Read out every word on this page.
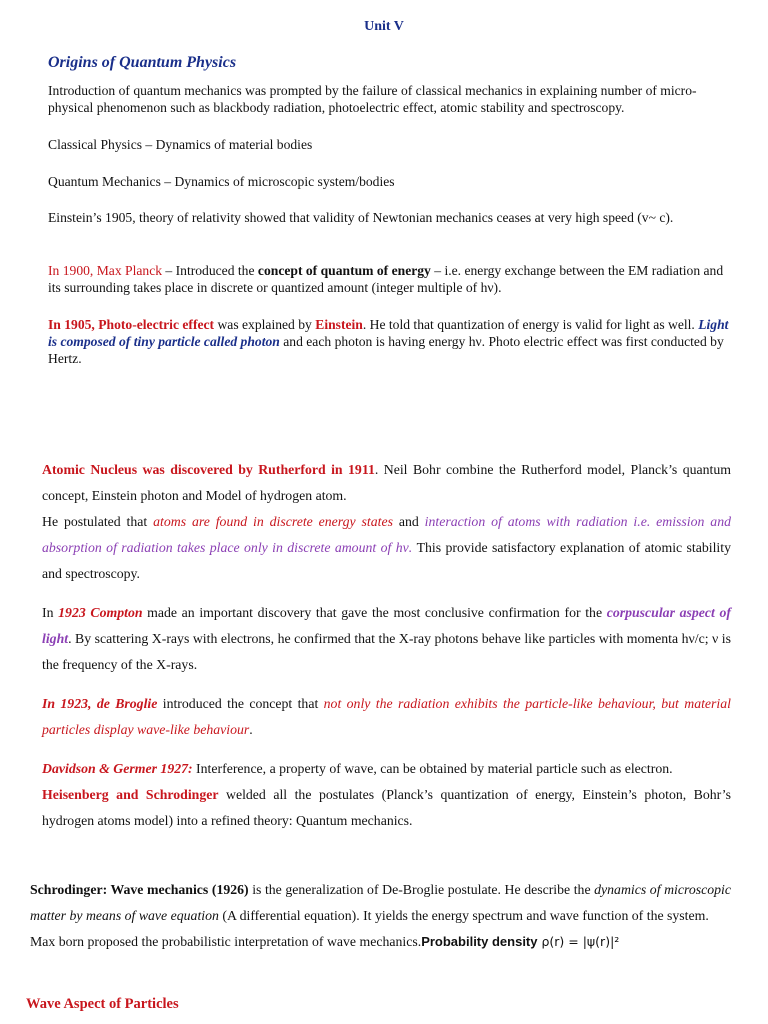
Unit V
Origins of Quantum Physics

Introduction of quantum mechanics was prompted by the failure of classical mechanics in explaining number of micro-physical phenomenon such as blackbody radiation, photoelectric effect, atomic stability and spectroscopy.

Classical Physics – Dynamics of material bodies

Quantum Mechanics – Dynamics of microscopic system/bodies

Einstein’s 1905, theory of relativity showed that validity of Newtonian mechanics ceases at very high speed (v~ c).

In 1900, Max Planck – Introduced the concept of quantum of energy – i.e. energy exchange between the EM radiation and its surrounding takes place in discrete or quantized amount (integer multiple of hν).

In 1905, Photo-electric effect was explained by Einstein. He told that quantization of energy is valid for light as well. Light is composed of tiny particle called photon and each photon is having energy hν. Photo electric effect was first conducted by Hertz.

Atomic Nucleus was discovered by Rutherford in 1911. Neil Bohr combine the Rutherford model, Planck’s quantum concept, Einstein photon and Model of hydrogen atom.
He postulated that atoms are found in discrete energy states and interaction of atoms with radiation i.e. emission and absorption of radiation takes place only in discrete amount of hν. This provide satisfactory explanation of atomic stability and spectroscopy.
In 1923 Compton made an important discovery that gave the most conclusive confirmation for the corpuscular aspect of light. By scattering X-rays with electrons, he confirmed that the X-ray photons behave like particles with momenta hν/c; ν is the frequency of the X-rays.
In 1923, de Broglie introduced the concept that not only the radiation exhibits the particle-like behaviour, but material particles display wave-like behaviour.
Davidson & Germer 1927: Interference, a property of wave, can be obtained by material particle such as electron.
Heisenberg and Schrodinger welded all the postulates (Planck’s quantization of energy, Einstein’s photon, Bohr’s hydrogen atoms model) into a refined theory: Quantum mechanics.
Schrodinger: Wave mechanics (1926) is the generalization of De-Broglie postulate. He describe the dynamics of microscopic matter by means of wave equation (A differential equation). It yields the energy spectrum and wave function of the system.
Max born proposed the probabilistic interpretation of wave mechanics.Probability density ρ(r) = |ψ(r)|²
Wave Aspect of Particles
